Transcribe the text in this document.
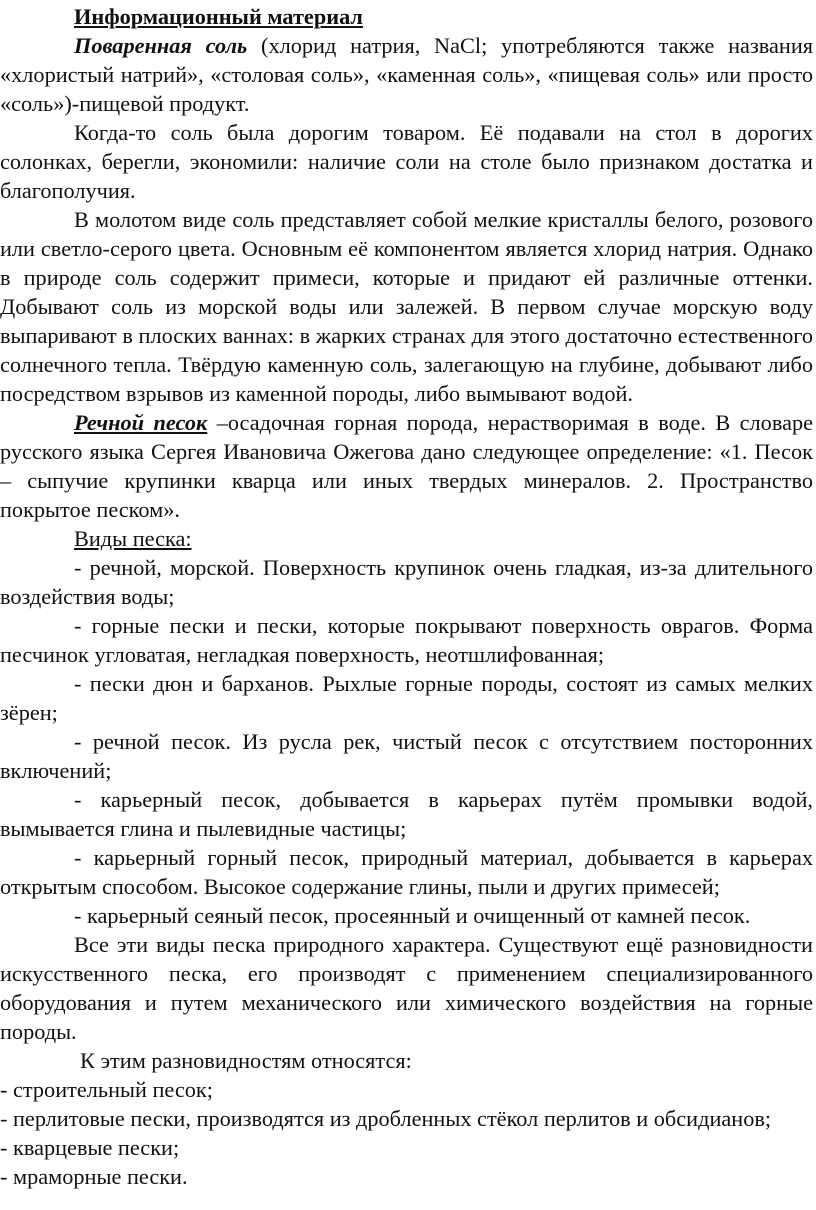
Информационный материал

Поваренная соль (хлорид натрия, NaCl; употребляются также названия «хлористый натрий», «столовая соль», «каменная соль», «пищевая соль» или просто «соль»)-пищевой продукт.

Когда-то соль была дорогим товаром. Её подавали на стол в дорогих солонках, берегли, экономили: наличие соли на столе было признаком достатка и благополучия.

В молотом виде соль представляет собой мелкие кристаллы белого, розового или светло-серого цвета. Основным её компонентом является хлорид натрия. Однако в природе соль содержит примеси, которые и придают ей различные оттенки. Добывают соль из морской воды или залежей. В первом случае морскую воду выпаривают в плоских ваннах: в жарких странах для этого достаточно естественного солнечного тепла. Твёрдую каменную соль, залегающую на глубине, добывают либо посредством взрывов из каменной породы, либо вымывают водой.

Речной песок –осадочная горная порода, нерастворимая в воде. В словаре русского языка Сергея Ивановича Ожегова дано следующее определение: «1. Песок – сыпучие крупинки кварца или иных твердых минералов. 2. Пространство покрытое песком».

Виды песка:

- речной, морской. Поверхность крупинок очень гладкая, из-за длительного воздействия воды;

- горные пески и пески, которые покрывают поверхность оврагов. Форма песчинок угловатая, негладкая поверхность, неотшлифованная;

- пески дюн и барханов. Рыхлые горные породы, состоят из самых мелких зёрен;

- речной песок. Из русла рек, чистый песок с отсутствием посторонних включений;

- карьерный песок, добывается в карьерах путём промывки водой, вымывается глина и пылевидные частицы;

- карьерный горный песок, природный материал, добывается в карьерах открытым способом. Высокое содержание глины, пыли и других примесей;

- карьерный сеяный песок, просеянный и очищенный от камней песок.

Все эти виды песка природного характера. Существуют ещё разновидности искусственного песка, его производят с применением специализированного оборудования и путем механического или химического воздействия на горные породы.

К этим разновидностям относятся:

- строительный песок;

- перлитовые пески, производятся из дробленных стёкол перлитов и обсидианов;

- кварцевые пески;

- мраморные пески.
